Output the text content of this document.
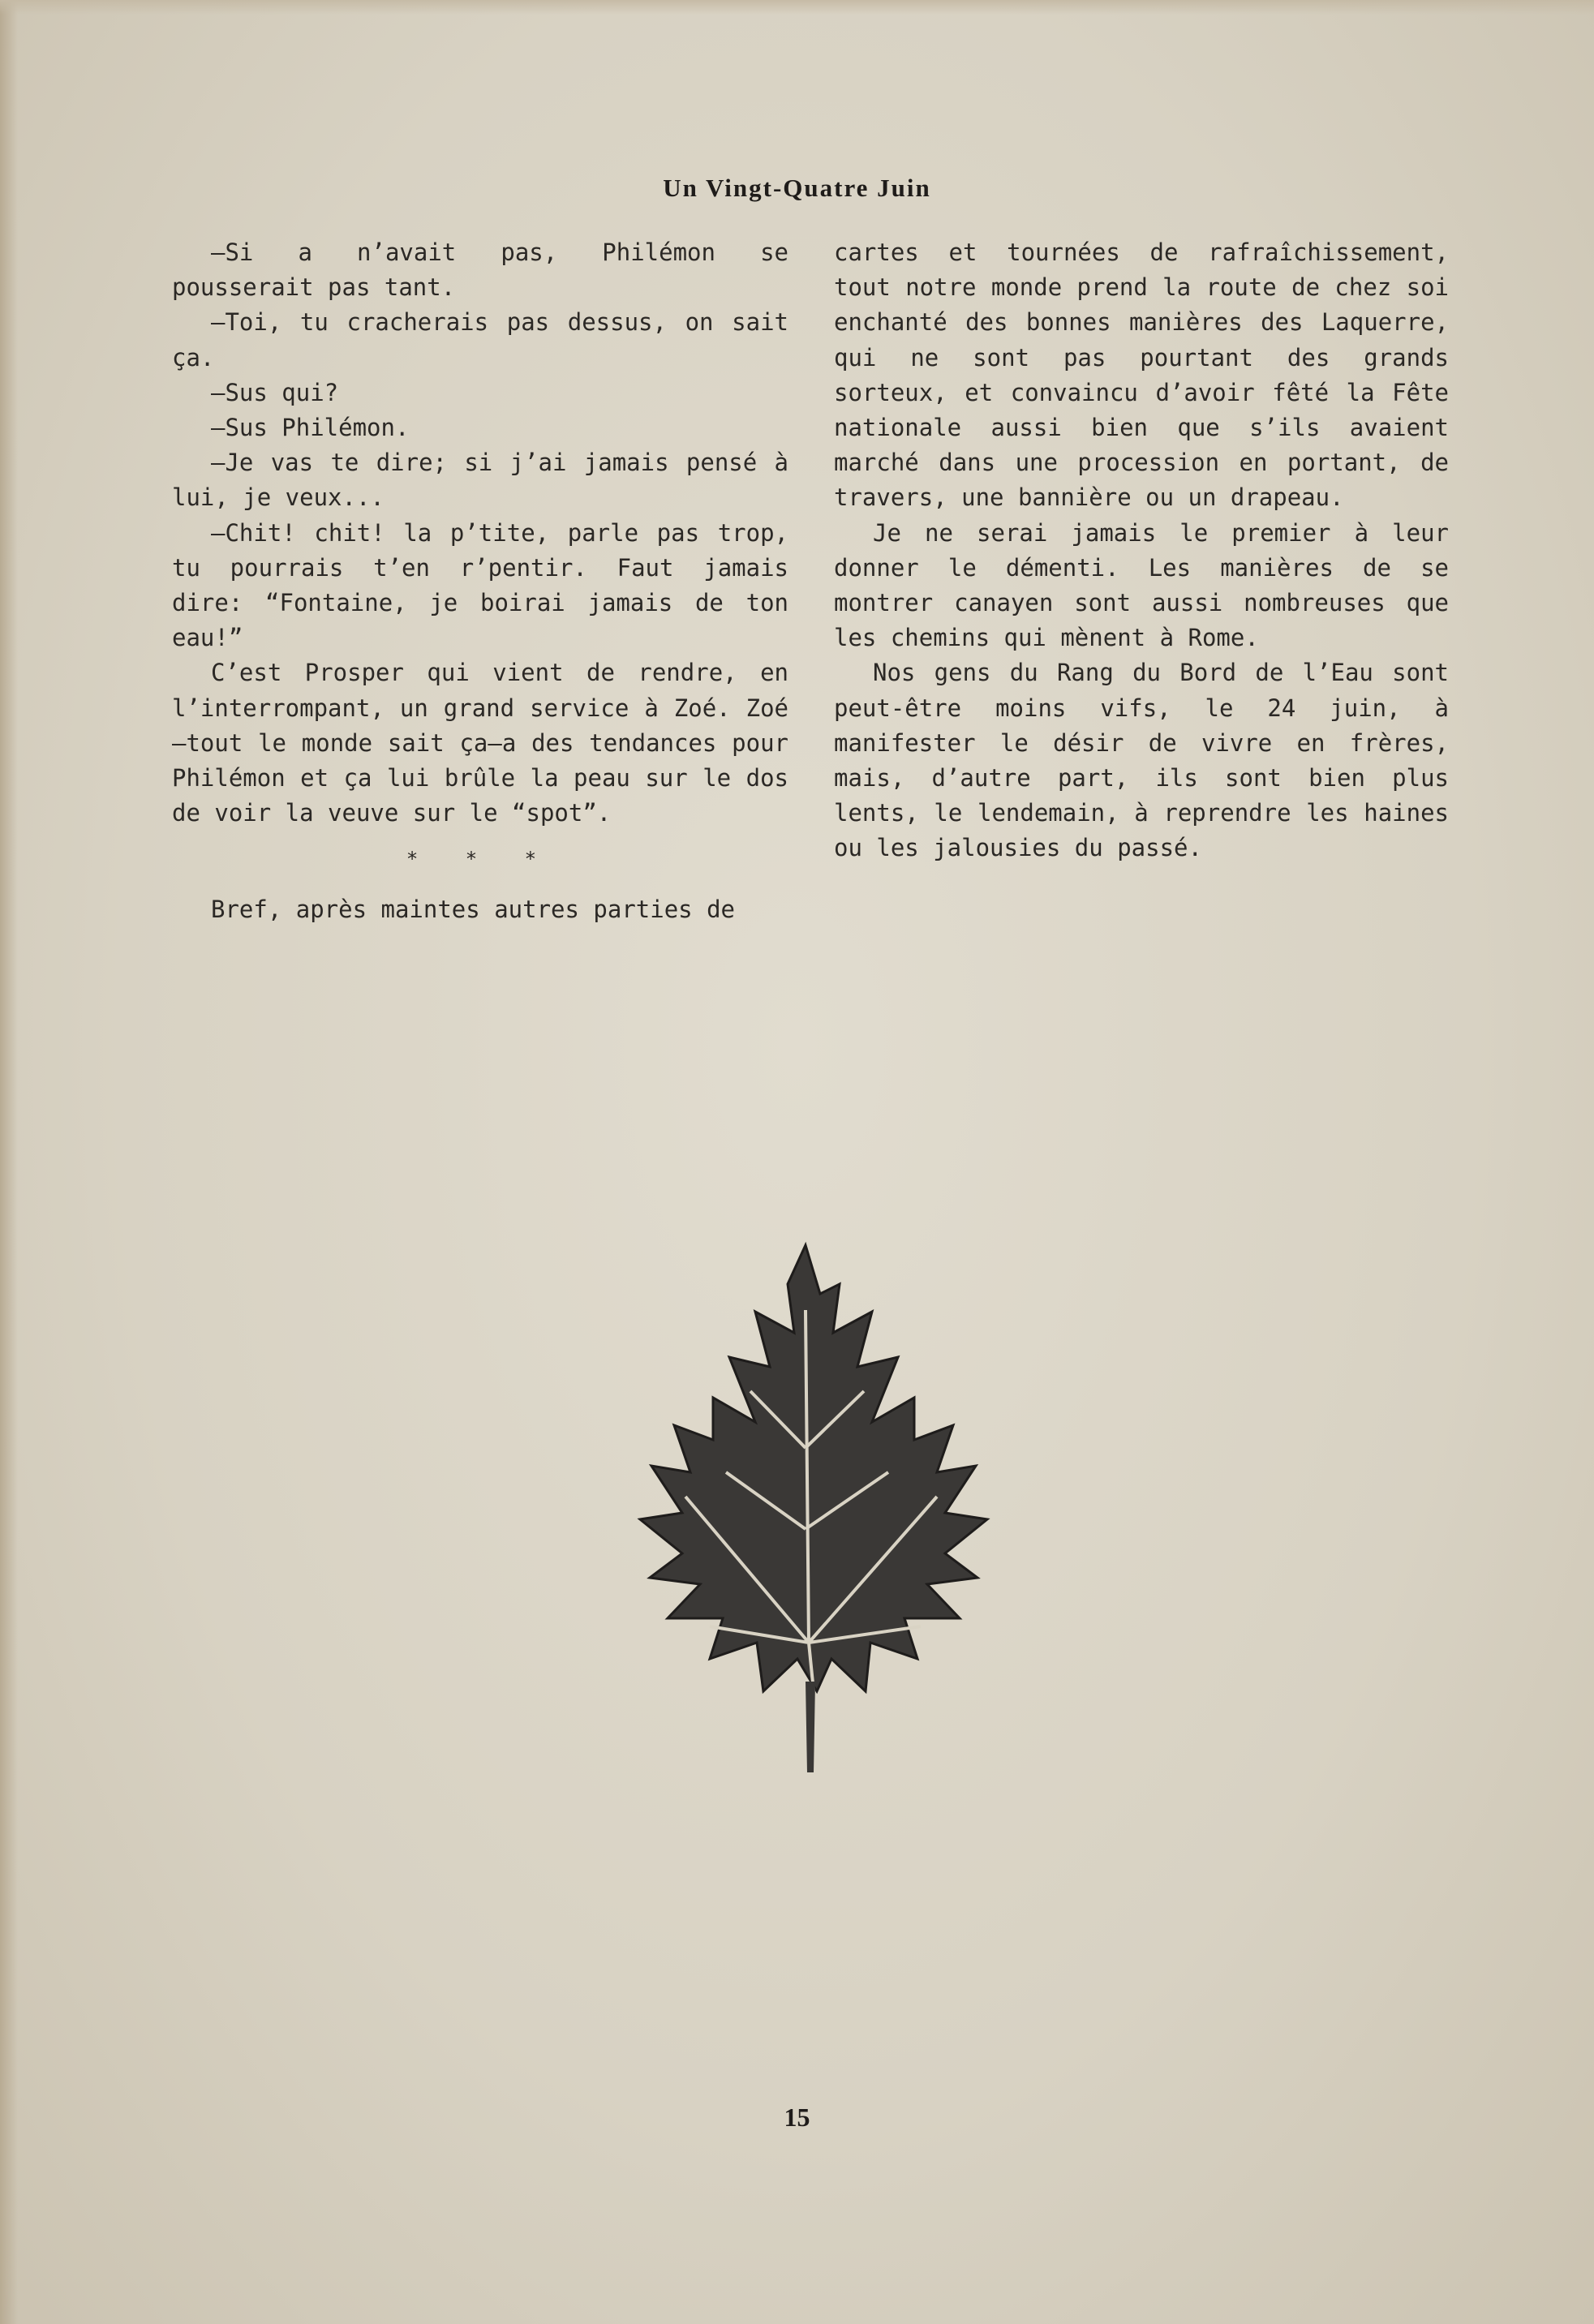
Un Vingt-Quatre Juin

—Si a n’avait pas, Philémon se pousserait pas tant.

—Toi, tu cracherais pas dessus, on sait ça.

—Sus qui?

—Sus Philémon.

—Je vas te dire; si j’ai jamais pensé à lui, je veux...

—Chit! chit! la p’tite, parle pas trop, tu pourrais t’en r’pentir. Faut jamais dire: “Fontaine, je boirai jamais de ton eau!”

C’est Prosper qui vient de rendre, en l’interrompant, un grand service à Zoé. Zoé—tout le monde sait ça—a des tendances pour Philémon et ça lui brûle la peau sur le dos de voir la veuve sur le “spot”.

* * *

Bref, après maintes autres parties de

cartes et tournées de rafraîchissement, tout notre monde prend la route de chez soi enchanté des bonnes manières des Laquerre, qui ne sont pas pourtant des grands sorteux, et convaincu d’avoir fêté la Fête nationale aussi bien que s’ils avaient marché dans une procession en portant, de travers, une bannière ou un drapeau.

Je ne serai jamais le premier à leur donner le démenti. Les manières de se montrer canayen sont aussi nombreuses que les chemins qui mènent à Rome.

Nos gens du Rang du Bord de l’Eau sont peut-être moins vifs, le 24 juin, à manifester le désir de vivre en frères, mais, d’autre part, ils sont bien plus lents, le lendemain, à reprendre les haines ou les jalousies du passé.

15
